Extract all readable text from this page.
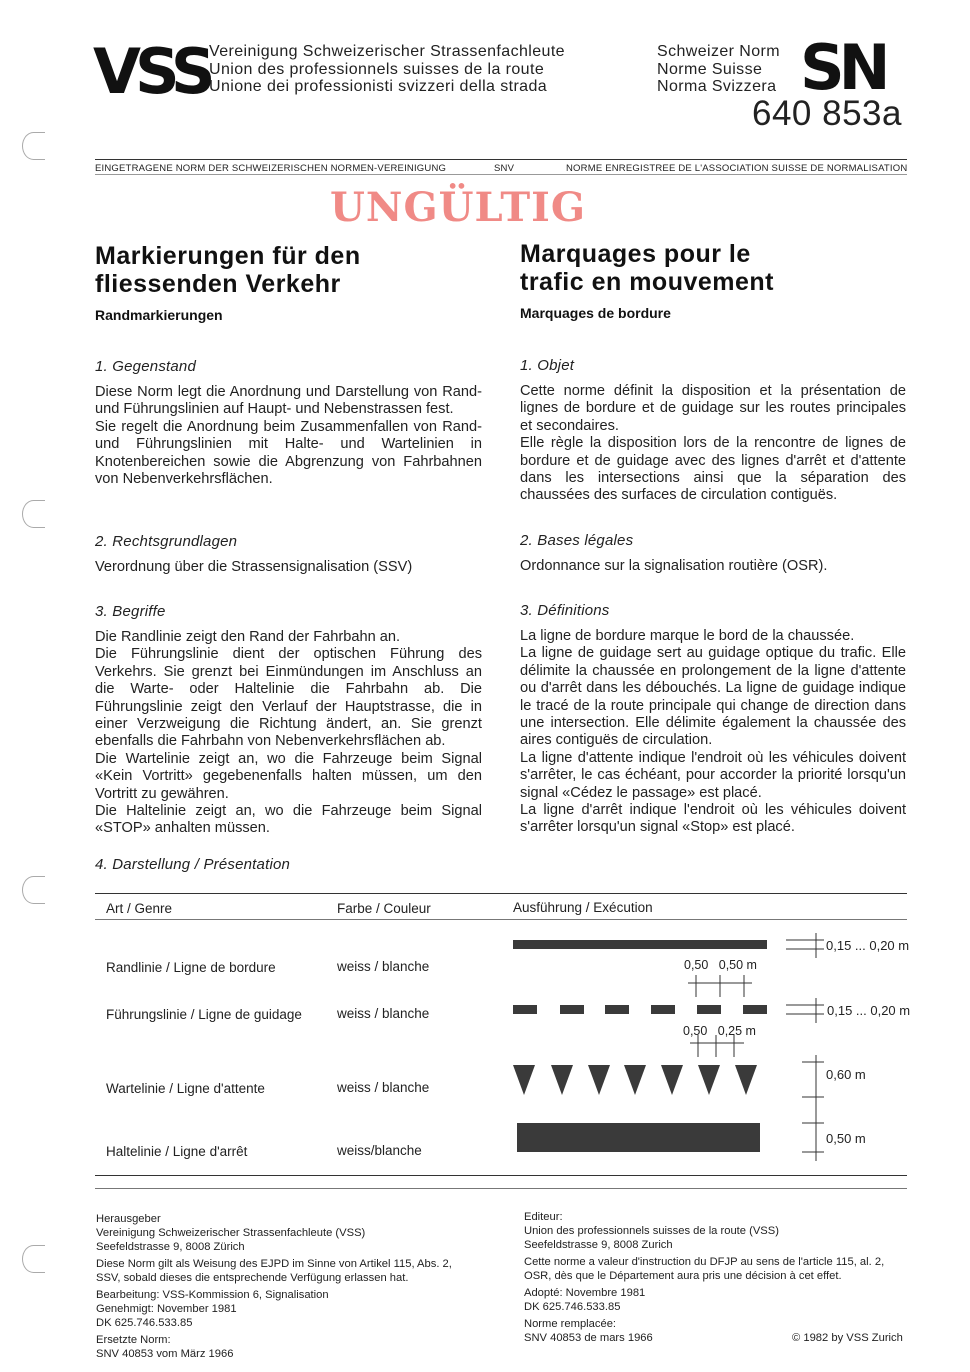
VSS Vereinigung Schweizerischer Strassenfachleute
Union des professionnels suisses de la route
Unione dei professionisti svizzeri della strada
Schweizer Norm
Norme Suisse
Norma Svizzera SN
640 853a
EINGETRAGENE NORM DER SCHWEIZERISCHEN NORMEN-VEREINIGUNG	SNV	NORME ENREGISTREE DE L'ASSOCIATION SUISSE DE NORMALISATION
UNGÜLTIG
Markierungen für den
fliessenden Verkehr
Marquages pour le
trafic en mouvement
Randmarkierungen	Marquages de bordure
1. Gegenstand

Diese Norm legt die Anordnung und Darstellung von Rand- und Führungslinien auf Haupt- und Nebenstrassen fest.

Sie regelt die Anordnung beim Zusammenfallen von Rand- und Führungslinien mit Halte- und Wartelinien in Knotenbereichen sowie die Abgrenzung von Fahrbahnen von Nebenverkehrsflächen.

2. Rechtsgrundlagen

Verordnung über die Strassensignalisation (SSV)

3. Begriffe

Die Randlinie zeigt den Rand der Fahrbahn an.

Die Führungslinie dient der optischen Führung des Verkehrs. Sie grenzt bei Einmündungen im Anschluss an die Warte- oder Haltelinie die Fahrbahn ab. Die Führungslinie zeigt den Verlauf der Hauptstrasse, die in einer Verzweigung die Richtung ändert, an. Sie grenzt ebenfalls die Fahrbahn von Nebenverkehrsflächen ab.

Die Wartelinie zeigt an, wo die Fahrzeuge beim Signal «Kein Vortritt» gegebenenfalls halten müssen, um den Vortritt zu gewähren.

Die Haltelinie zeigt an, wo die Fahrzeuge beim Signal «STOP» anhalten müssen.

4. Darstellung / Présentation
1. Objet

Cette norme définit la disposition et la présentation de lignes de bordure et de guidage sur les routes principales et secondaires.

Elle règle la disposition lors de la rencontre de lignes de bordure et de guidage avec des lignes d'arrêt et d'attente dans les intersections ainsi que la séparation des chaussées des surfaces de circulation contiguës.

2. Bases légales

Ordonnance sur la signalisation routière (OSR).

3. Définitions

La ligne de bordure marque le bord de la chaussée.

La ligne de guidage sert au guidage optique du trafic. Elle délimite la chaussée en prolongement de la ligne d'attente ou d'arrêt dans les débouchés. La ligne de guidage indique le tracé de la route principale qui change de direction dans une intersection. Elle délimite également la chaussée des aires contiguës de circulation.

La ligne d'attente indique l'endroit où les véhicules doivent s'arrêter, le cas échéant, pour accorder la priorité lorsqu'un signal «Cédez le passage» est placé.

La ligne d'arrêt indique l'endroit où les véhicules doivent s'arrêter lorsqu'un signal «Stop» est placé.

Art / Genre	Farbe / Couleur	Ausführung / Exécution
Randlinie / Ligne de bordure	weiss / blanche
Führungslinie / Ligne de guidage	weiss / blanche
Wartelinie / Ligne d'attente	weiss / blanche
Haltelinie / Ligne d'arrêt	weiss/blanche
0,15 ... 0,20 m
0,15 ... 0,20 m
0,60 m
0,50 m
0,50   0,50 m
0,50   0,25 m
Herausgeber
Vereinigung Schweizerischer Strassenfachleute (VSS)
Seefeldstrasse 9, 8008 Zürich
Diese Norm gilt als Weisung des EJPD im Sinne von Artikel 115, Abs. 2,
SSV, sobald dieses die entsprechende Verfügung erlassen hat.
Bearbeitung: VSS-Kommission 6, Signalisation
Genehmigt: November 1981
DK 625.746.533.85
Ersetzte Norm:
SNV 40853 vom März 1966
Editeur:
Union des professionnels suisses de la route (VSS)
Seefeldstrasse 9, 8008 Zurich
Cette norme a valeur d'instruction du DFJP au sens de l'article 115, al. 2,
OSR, dès que le Département aura pris une décision à cet effet.
Adopté: Novembre 1981
DK 625.746.533.85
Norme remplacée:
SNV 40853 de mars 1966	© 1982 by VSS Zurich
